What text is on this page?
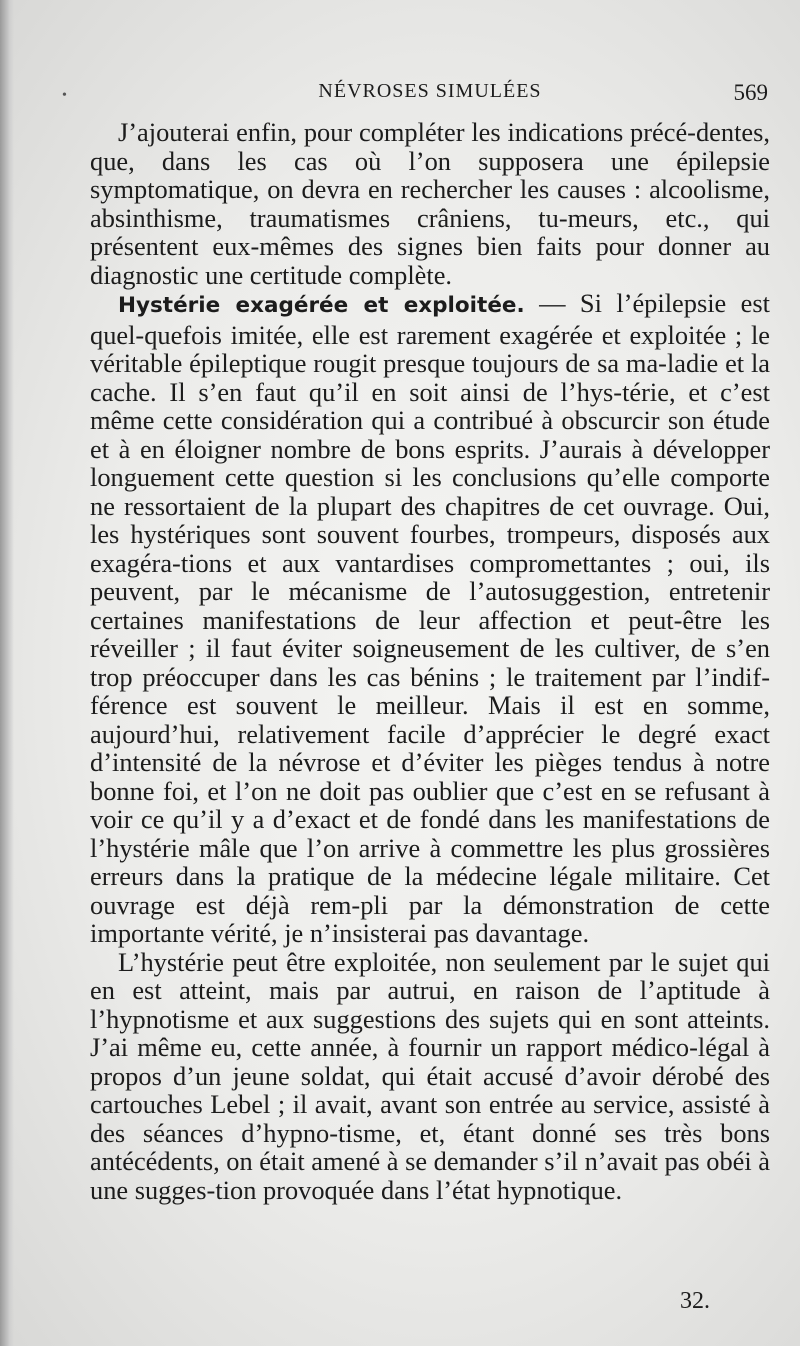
•	NÉVROSES SIMULÉES	569

J’ajouterai enfin, pour compléter les indications précé-dentes, que, dans les cas où l’on supposera une épilepsie symptomatique, on devra en rechercher les causes : alcoolisme, absinthisme, traumatismes crâniens, tu-meurs, etc., qui présentent eux-mêmes des signes bien faits pour donner au diagnostic une certitude complète.

Hystérie exagérée et exploitée. — Si l’épilepsie est quel-quefois imitée, elle est rarement exagérée et exploitée ; le véritable épileptique rougit presque toujours de sa ma-ladie et la cache. Il s’en faut qu’il en soit ainsi de l’hys-térie, et c’est même cette considération qui a contribué à obscurcir son étude et à en éloigner nombre de bons esprits. J’aurais à développer longuement cette question si les conclusions qu’elle comporte ne ressortaient de la plupart des chapitres de cet ouvrage. Oui, les hystériques sont souvent fourbes, trompeurs, disposés aux exagéra-tions et aux vantardises compromettantes ; oui, ils peuvent, par le mécanisme de l’autosuggestion, entretenir certaines manifestations de leur affection et peut-être les réveiller ; il faut éviter soigneusement de les cultiver, de s’en trop préoccuper dans les cas bénins ; le traitement par l’indif-férence est souvent le meilleur. Mais il est en somme, aujourd’hui, relativement facile d’apprécier le degré exact d’intensité de la névrose et d’éviter les pièges tendus à notre bonne foi, et l’on ne doit pas oublier que c’est en se refusant à voir ce qu’il y a d’exact et de fondé dans les manifestations de l’hystérie mâle que l’on arrive à commettre les plus grossières erreurs dans la pratique de la médecine légale militaire. Cet ouvrage est déjà rem-pli par la démonstration de cette importante vérité, je n’insisterai pas davantage.

L’hystérie peut être exploitée, non seulement par le sujet qui en est atteint, mais par autrui, en raison de l’aptitude à l’hypnotisme et aux suggestions des sujets qui en sont atteints. J’ai même eu, cette année, à fournir un rapport médico-légal à propos d’un jeune soldat, qui était accusé d’avoir dérobé des cartouches Lebel ; il avait, avant son entrée au service, assisté à des séances d’hypno-tisme, et, étant donné ses très bons antécédents, on était amené à se demander s’il n’avait pas obéi à une sugges-tion provoquée dans l’état hypnotique.

32.
